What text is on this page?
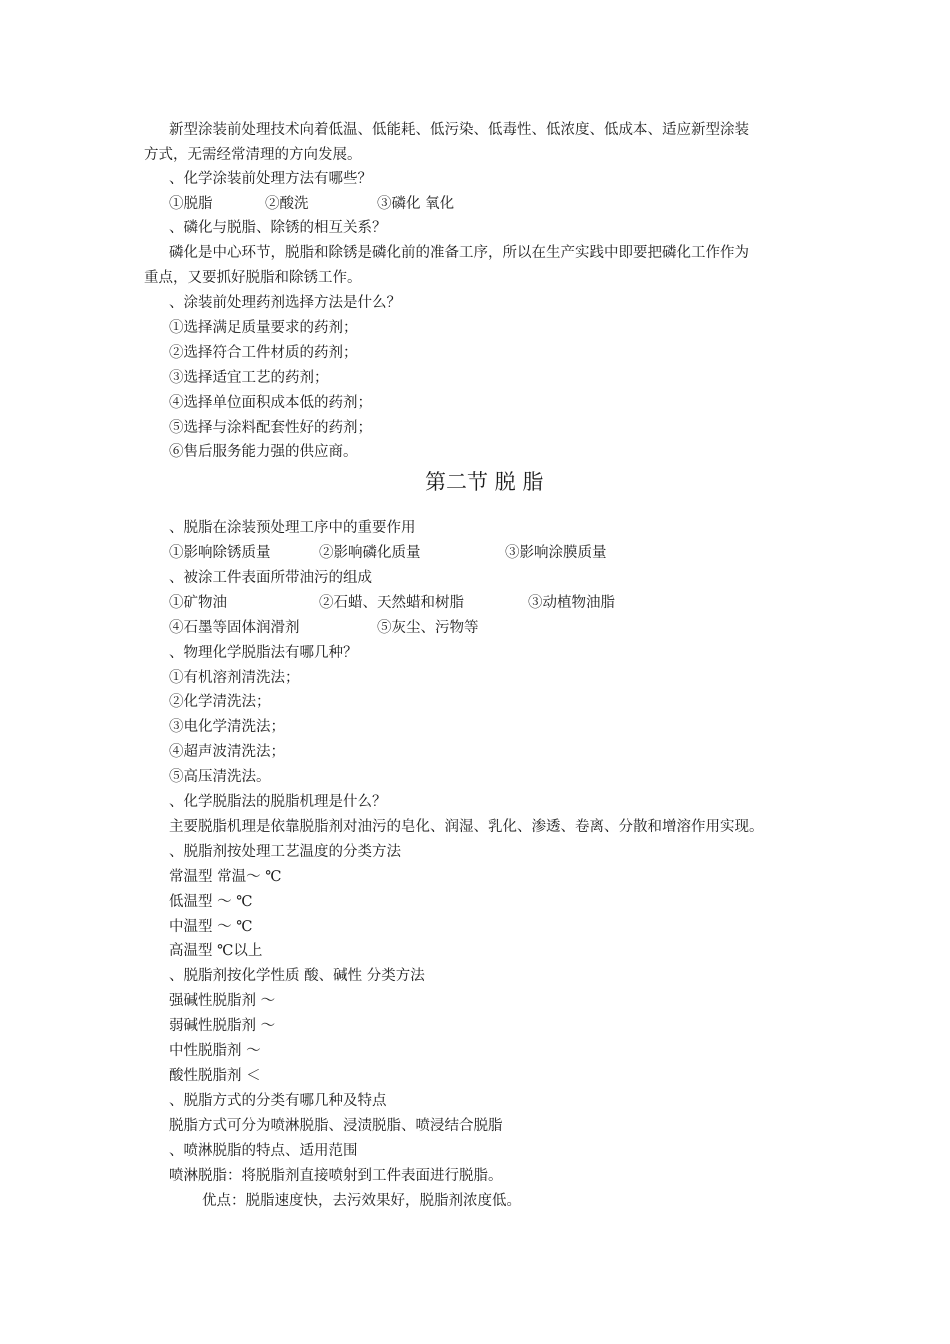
新型涂装前处理技术向着低温、低能耗、低污染、低毒性、低浓度、低成本、适应新型涂装
方式，无需经常清理的方向发展。
、化学涂装前处理方法有哪些？
①脱脂	②酸洗	③磷化 氧化
、磷化与脱脂、除锈的相互关系？
磷化是中心环节，脱脂和除锈是磷化前的准备工序，所以在生产实践中即要把磷化工作作为
重点，又要抓好脱脂和除锈工作。
、涂装前处理药剂选择方法是什么？
①选择满足质量要求的药剂；
②选择符合工件材质的药剂；
③选择适宜工艺的药剂；
④选择单位面积成本低的药剂；
⑤选择与涂料配套性好的药剂；
⑥售后服务能力强的供应商。
第二节 脱 脂
、脱脂在涂装预处理工序中的重要作用
①影响除锈质量	②影响磷化质量	③影响涂膜质量
、被涂工件表面所带油污的组成
①矿物油	②石蜡、天然蜡和树脂	③动植物油脂
④石墨等固体润滑剂	⑤灰尘、污物等
、物理化学脱脂法有哪几种？
①有机溶剂清洗法；
②化学清洗法；
③电化学清洗法；
④超声波清洗法；
⑤高压清洗法。
、化学脱脂法的脱脂机理是什么？
主要脱脂机理是依靠脱脂剂对油污的皂化、润湿、乳化、渗透、卷离、分散和增溶作用实现。
、脱脂剂按处理工艺温度的分类方法
常温型 常温～ ℃
低温型 ～ ℃
中温型 ～ ℃
高温型 ℃以上
、脱脂剂按化学性质 酸、碱性 分类方法
强碱性脱脂剂 ～
弱碱性脱脂剂 ～
中性脱脂剂 ～
酸性脱脂剂 ＜
、脱脂方式的分类有哪几种及特点
脱脂方式可分为喷淋脱脂、浸渍脱脂、喷浸结合脱脂
、喷淋脱脂的特点、适用范围
喷淋脱脂：将脱脂剂直接喷射到工件表面进行脱脂。
优点：脱脂速度快，去污效果好，脱脂剂浓度低。
